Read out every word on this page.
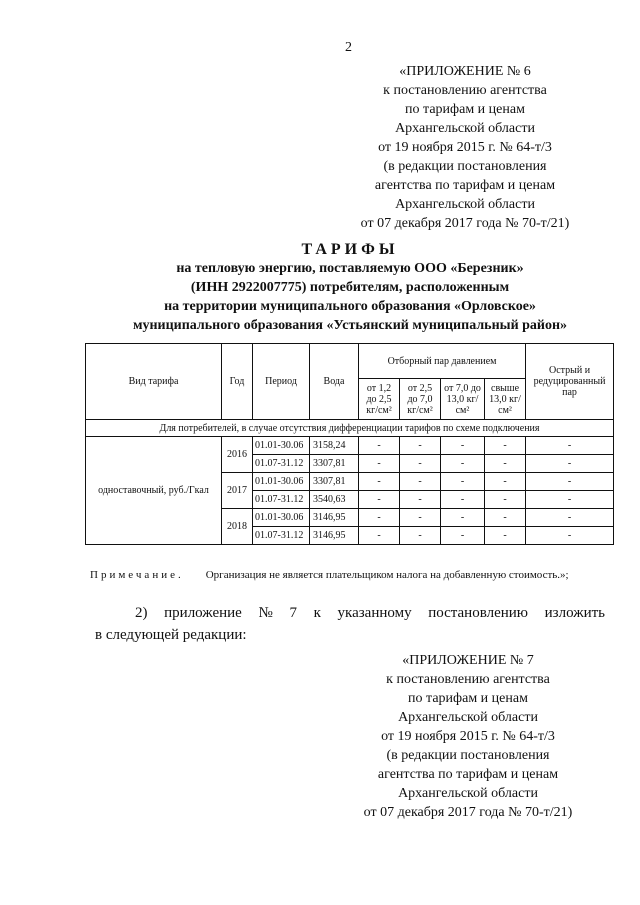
2
«ПРИЛОЖЕНИЕ № 6
к постановлению агентства
по тарифам и ценам
Архангельской области
от 19 ноября 2015 г. № 64-т/3
(в редакции постановления
агентства по тарифам и ценам
Архангельской области
от 07 декабря 2017 года № 70-т/21)
ТАРИФЫ
на тепловую энергию, поставляемую ООО «Березник»
(ИНН 2922007775) потребителям, расположенным
на территории муниципального образования «Орловское»
муниципального образования «Устьянский муниципальный район»
Вид тарифа	Год	Период	Вода	Отборный пар давлением				Острый и редуцированный пар
				от 1,2 до 2,5 кг/см²	от 2,5 до 7,0 кг/см²	от 7,0 до 13,0 кг/см²	свыше 13,0 кг/см²	
Для потребителей, в случае отсутствия дифференциации тарифов по схеме подключения								
одноставочный, руб./Гкал	2016	01.01-30.06	3158,24	-	-	-	-	-
		01.07-31.12	3307,81	-	-	-	-	-
	2017	01.01-30.06	3307,81	-	-	-	-	-
		01.07-31.12	3540,63	-	-	-	-	-
	2018	01.01-30.06	3146,95	-	-	-	-	-
		01.07-31.12	3146,95	-	-	-	-	-
Примечание. Организация не является плательщиком налога на добавленную стоимость.»;
2) приложение № 7 к указанному постановлению изложить
в следующей редакции:
«ПРИЛОЖЕНИЕ № 7
к постановлению агентства
по тарифам и ценам
Архангельской области
от 19 ноября 2015 г. № 64-т/3
(в редакции постановления
агентства по тарифам и ценам
Архангельской области
от 07 декабря 2017 года № 70-т/21)
